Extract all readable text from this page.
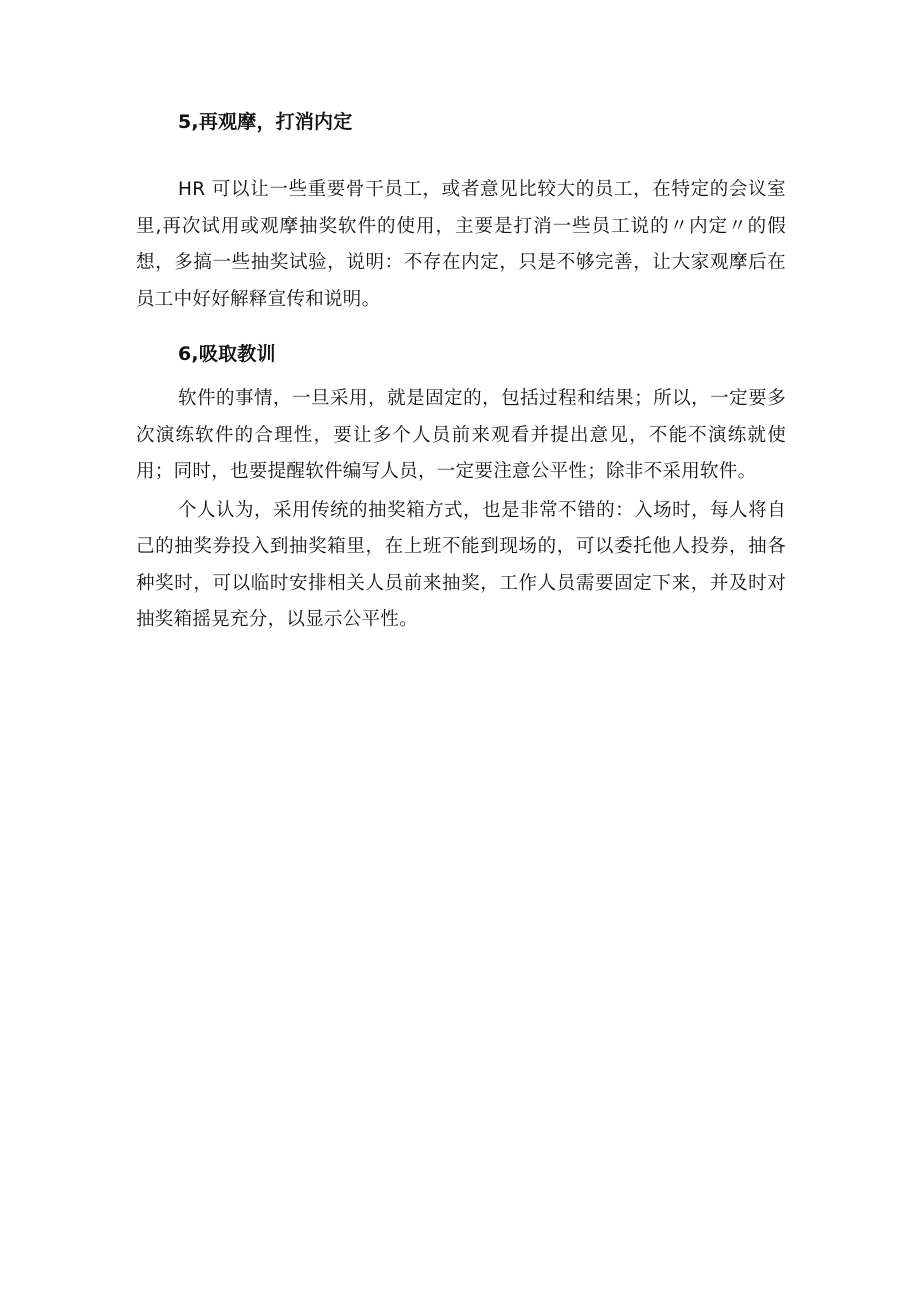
5,再观摩，打消内定

HR 可以让一些重要骨干员工，或者意见比较大的员工，在特定的会议室里,再次试用或观摩抽奖软件的使用，主要是打消一些员工说的〃内定〃的假想，多搞一些抽奖试验，说明：不存在内定，只是不够完善，让大家观摩后在员工中好好解释宣传和说明。

6,吸取教训

软件的事情，一旦采用，就是固定的，包括过程和结果；所以，一定要多次演练软件的合理性，要让多个人员前来观看并提出意见，不能不演练就使用；同时，也要提醒软件编写人员，一定要注意公平性；除非不采用软件。

个人认为，采用传统的抽奖箱方式，也是非常不错的：入场时，每人将自己的抽奖券投入到抽奖箱里，在上班不能到现场的，可以委托他人投券，抽各种奖时，可以临时安排相关人员前来抽奖，工作人员需要固定下来，并及时对抽奖箱摇晃充分，以显示公平性。
